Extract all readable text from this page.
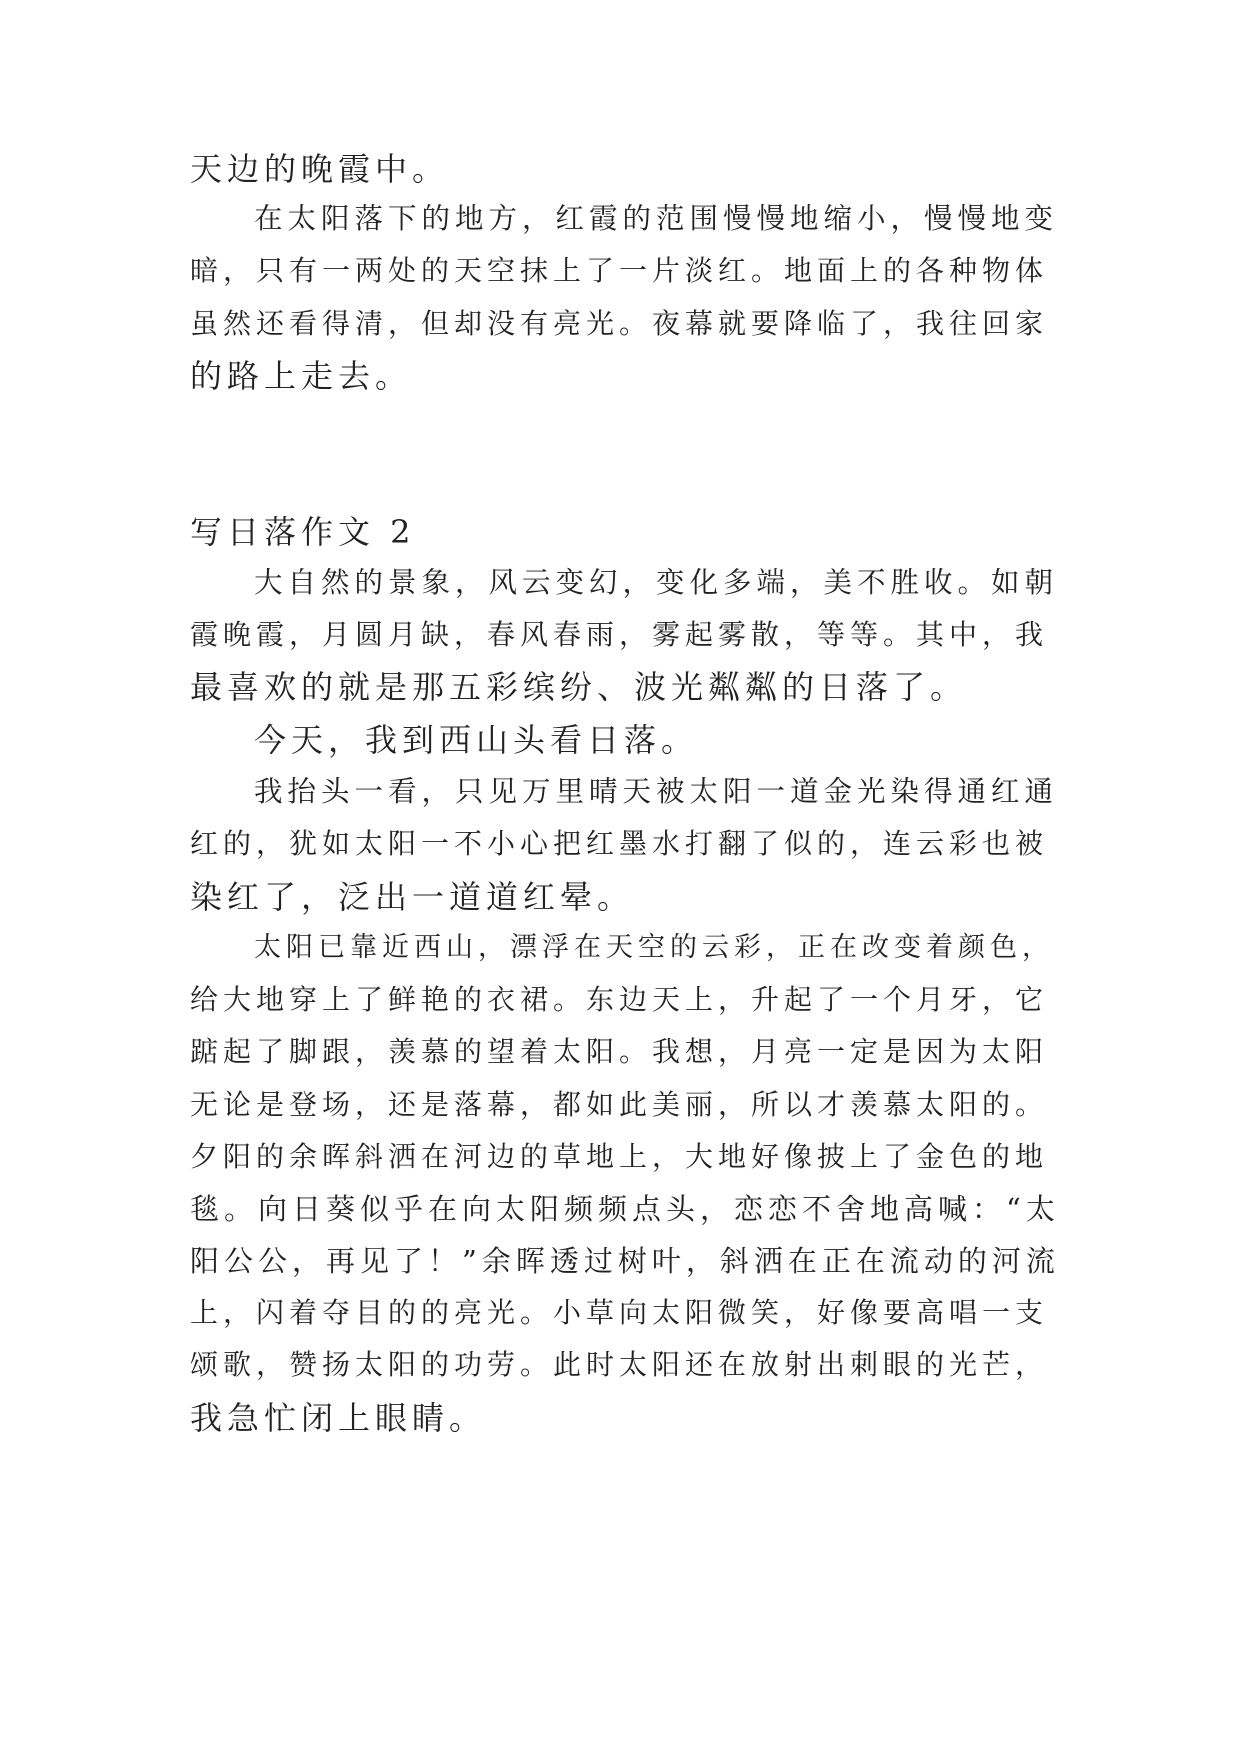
天边的晚霞中。
在太阳落下的地方，红霞的范围慢慢地缩小，慢慢地变
暗，只有一两处的天空抹上了一片淡红。地面上的各种物体
虽然还看得清，但却没有亮光。夜幕就要降临了，我往回家
的路上走去。
写日落作文 2
大自然的景象，风云变幻，变化多端，美不胜收。如朝
霞晚霞，月圆月缺，春风春雨，雾起雾散，等等。其中，我
最喜欢的就是那五彩缤纷、波光粼粼的日落了。
今天，我到西山头看日落。
我抬头一看，只见万里晴天被太阳一道金光染得通红通
红的，犹如太阳一不小心把红墨水打翻了似的，连云彩也被
染红了，泛出一道道红晕。
太阳已靠近西山，漂浮在天空的云彩，正在改变着颜色，
给大地穿上了鲜艳的衣裙。东边天上，升起了一个月牙，它
踮起了脚跟，羡慕的望着太阳。我想，月亮一定是因为太阳
无论是登场，还是落幕，都如此美丽，所以才羡慕太阳的。
夕阳的余晖斜洒在河边的草地上，大地好像披上了金色的地
毯。向日葵似乎在向太阳频频点头，恋恋不舍地高喊：“太
阳公公，再见了！”余晖透过树叶，斜洒在正在流动的河流
上，闪着夺目的的亮光。小草向太阳微笑，好像要高唱一支
颂歌，赞扬太阳的功劳。此时太阳还在放射出刺眼的光芒，
我急忙闭上眼睛。
